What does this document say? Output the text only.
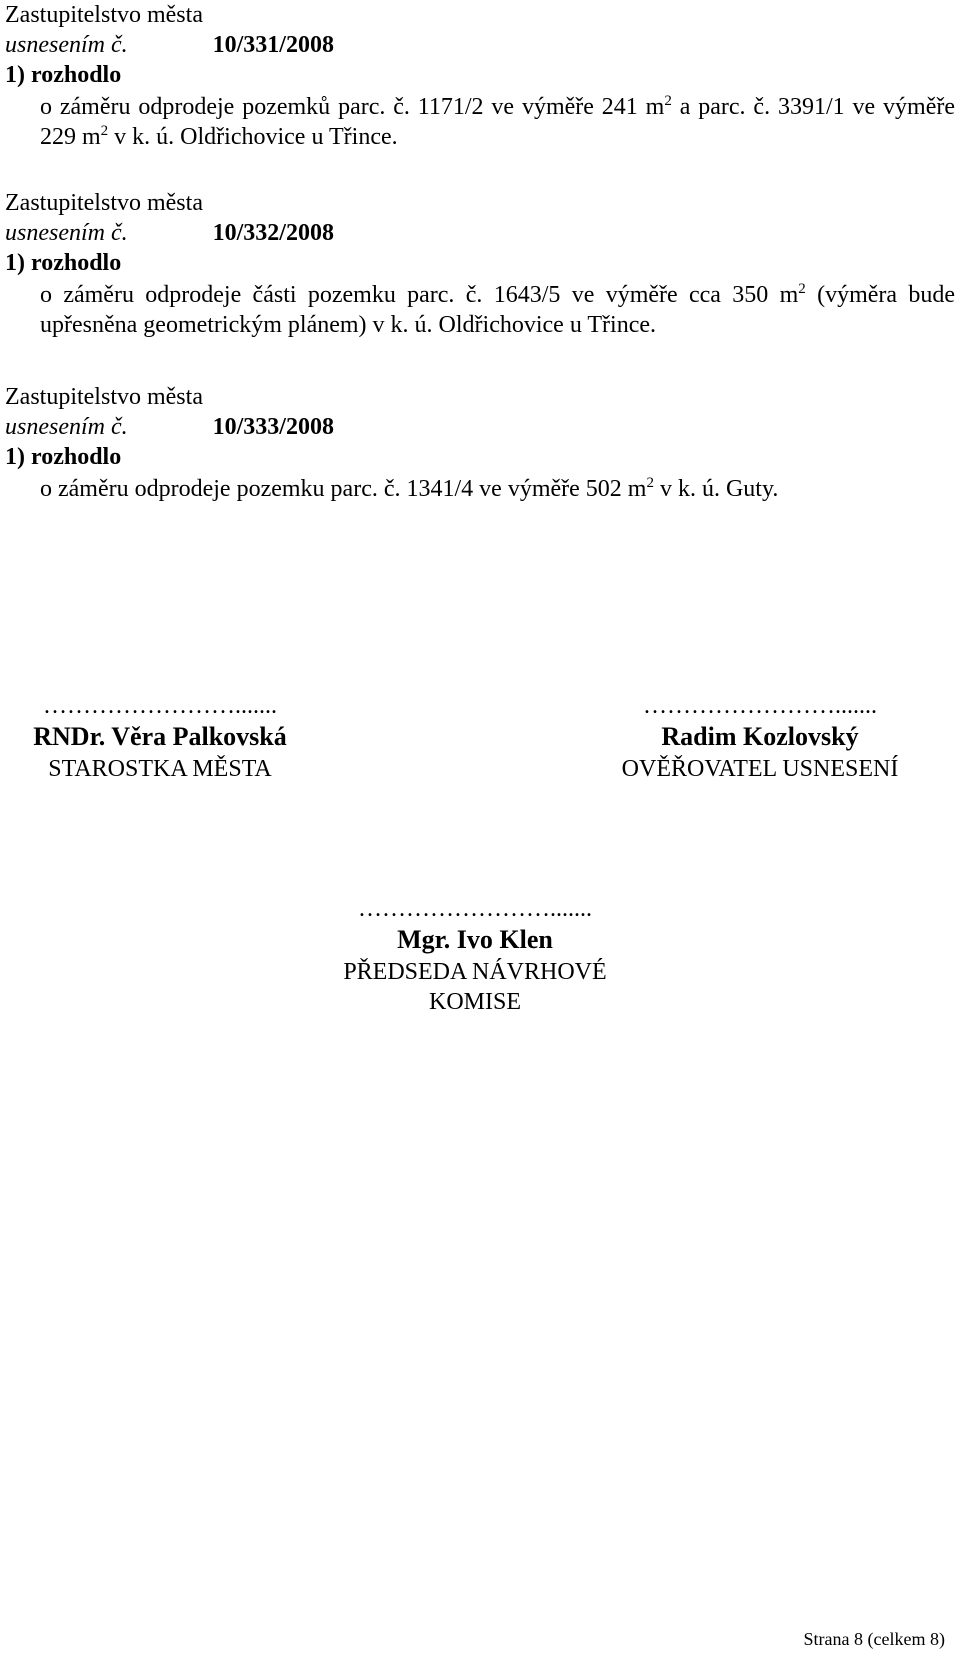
Zastupitelstvo města
usnesením č.	10/331/2008
1) rozhodlo
o záměru odprodeje pozemků parc. č. 1171/2 ve výměře 241 $m^2$ a parc. č. 3391/1 ve výměře 229 $m^2$ v k. ú. Oldřichovice u Třince.
Zastupitelstvo města
usnesením č.	10/332/2008
1) rozhodlo
o záměru odprodeje části pozemku parc. č. 1643/5 ve výměře cca 350 $m^2$ (výměra bude upřesněna geometrickým plánem) v k. ú. Oldřichovice u Třince.
Zastupitelstvo města
usnesením č.	10/333/2008
1) rozhodlo
o záměru odprodeje pozemku parc. č. 1341/4 ve výměře 502 $m^2$ v k. ú. Guty.
…………………….......
RNDr. Věra Palkovská
STAROSTKA MĚSTA
…………………….......
Radim Kozlovský
OVĚŘOVATEL USNESENÍ
…………………….......
Mgr. Ivo Klen
PŘEDSEDA NÁVRHOVÉ
KOMISE
Strana 8 (celkem 8)
